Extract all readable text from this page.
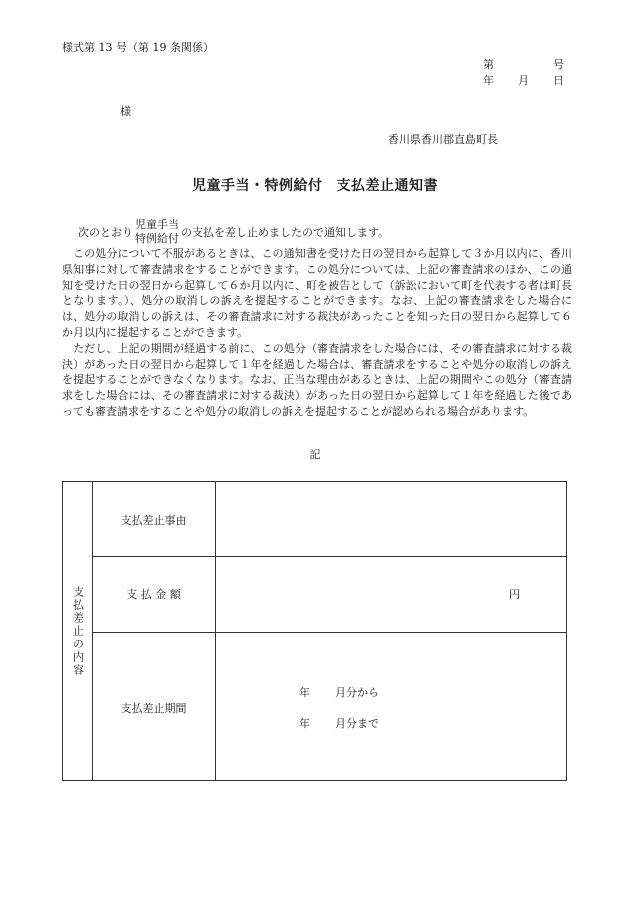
様式第 13 号（第 19 条関係）
第	号
年 月 日
様
香川県香川郡直島町長
児童手当・特例給付 支払差止通知書
次のとおり
児童手当
特例給付 の支払を差し止めましたので通知します。

　この処分について不服があるときは、この通知書を受けた日の翌日から起算して３か月以内に、香川県知事に対して審査請求をすることができます。この処分については、上記の審査請求のほか、この通知を受けた日の翌日から起算して６か月以内に、町を被告として（訴訟において町を代表する者は町長となります。）、処分の取消しの訴えを提起することができます。なお、上記の審査請求をした場合には、処分の取消しの訴えは、その審査請求に対する裁決があったことを知った日の翌日から起算して６か月以内に提起することができます。

　ただし、上記の期間が経過する前に、この処分（審査請求をした場合には、その審査請求に対する裁決）があった日の翌日から起算して１年を経過した場合は、審査請求をすることや処分の取消しの訴えを提起することができなくなります。なお、正当な理由があるときは、上記の期間やこの処分（審査請求をした場合には、その審査請求に対する裁決）があった日の翌日から起算して１年を経過した後であっても審査請求をすることや処分の取消しの訴えを提起することが認められる場合があります。

記
支払差止の内容
支払差止事由
支 払 金 額	円
支払差止期間
年 月分から
年 月分まで
